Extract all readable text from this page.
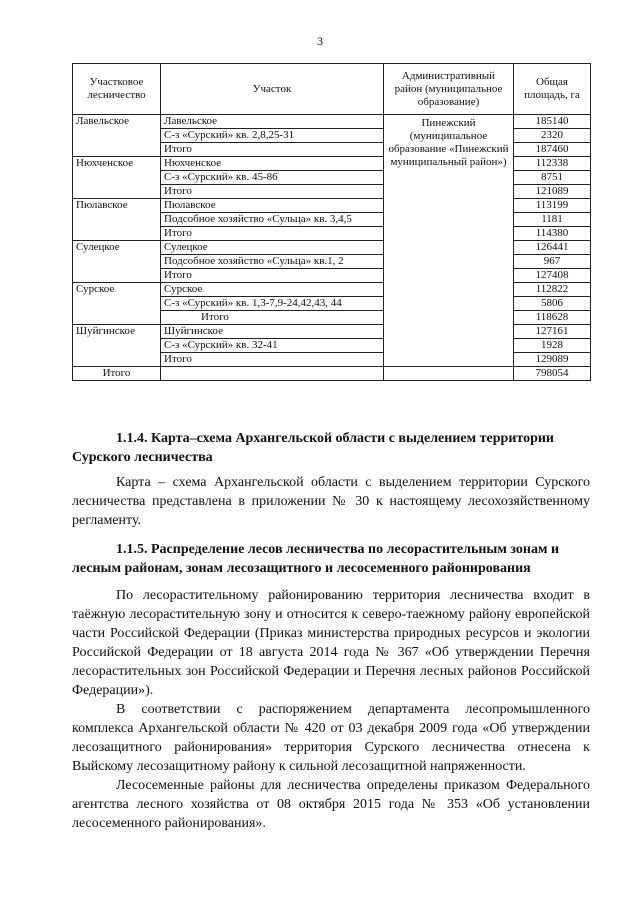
3
Участковое лесничество	Участок	Административный район (муниципальное образование)	Общая площадь, га
Лавельское	Лавельское	Пинежский (муниципальное образование «Пинежский муниципальный район»)	185140
	С-з «Сурский» кв. 2,8,25-31		2320
	Итого		187460
Нюхченское	Нюхченское		112338
	С-з «Сурский» кв. 45-86		8751
	Итого		121089
Пюлавское	Пюлавское		113199
	Подсобное хозяйство «Сульца» кв. 3,4,5		1181
	Итого		114380
Сулецкое	Сулецкое		126441
	Подсобное хозяйство «Сульца» кв.1, 2		967
	Итого		127408
Сурское	Сурское		112822
	С-з «Сурский» кв. 1,3-7,9-24,42,43, 44		5806
	Итого		118628
Шуйгинское	Шуйгинское		127161
	С-з «Сурский» кв. 32-41		1928
	Итого		129089
Итого			798054
1.1.4. Карта–схема Архангельской области с выделением территории Сурского лесничества
Карта – схема Архангельской области с выделением территории Сурского лесничества представлена в приложении № 30 к настоящему лесохозяйственному регламенту.
1.1.5. Распределение лесов лесничества по лесорастительным зонам и лесным районам, зонам лесозащитного и лесосеменного районирования
По лесорастительному районированию территория лесничества входит в таёжную лесорастительную зону и относится к северо-таежному району европейской части Российской Федерации (Приказ министерства природных ресурсов и экологии Российской Федерации от 18 августа 2014 года № 367 «Об утверждении Перечня лесорастительных зон Российской Федерации и Перечня лесных районов Российской Федерации»).
В соответствии с распоряжением департамента лесопромышленного комплекса Архангельской области № 420 от 03 декабря 2009 года «Об утверждении лесозащитного районирования» территория Сурского лесничества отнесена к Выйскому лесозащитному району к сильной лесозащитной напряженности.
Лесосеменные районы для лесничества определены приказом Федерального агентства лесного хозяйства от 08 октября 2015 года № 353 «Об установлении лесосеменного районирования».
